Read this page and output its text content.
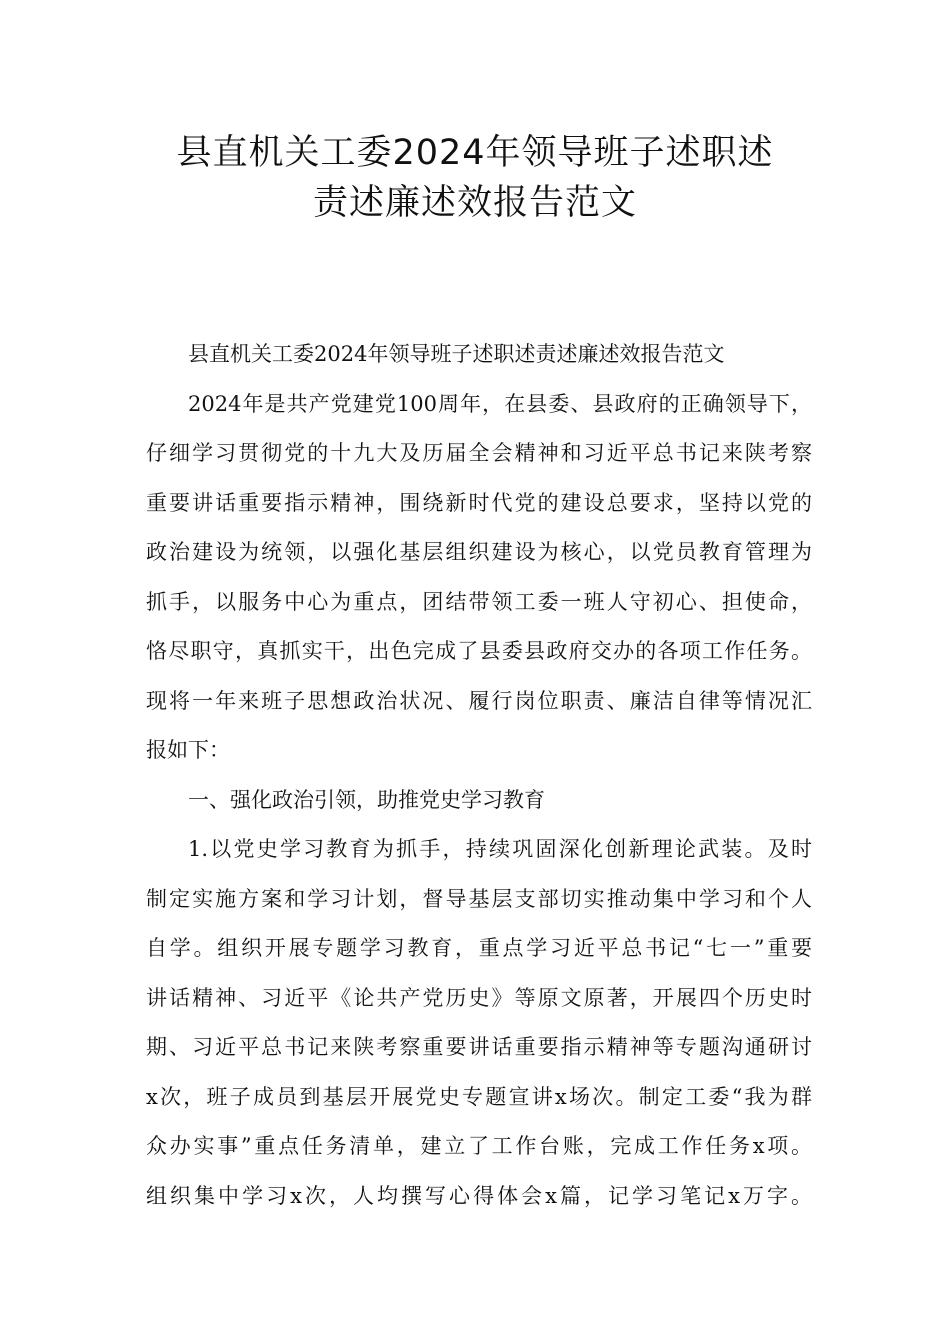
县直机关工委2024年领导班子述职述
责述廉述效报告范文
县直机关工委2024年领导班子述职述责述廉述效报告范文
2024年是共产党建党100周年，在县委、县政府的正确领导下，
仔细学习贯彻党的十九大及历届全会精神和习近平总书记来陕考察
重要讲话重要指示精神，围绕新时代党的建设总要求，坚持以党的
政治建设为统领，以强化基层组织建设为核心，以党员教育管理为
抓手，以服务中心为重点，团结带领工委一班人守初心、担使命，
恪尽职守，真抓实干，出色完成了县委县政府交办的各项工作任务。
现将一年来班子思想政治状况、履行岗位职责、廉洁自律等情况汇
报如下：
一、强化政治引领，助推党史学习教育
1.以党史学习教育为抓手，持续巩固深化创新理论武装。及时
制定实施方案和学习计划，督导基层支部切实推动集中学习和个人
自学。组织开展专题学习教育，重点学习近平总书记“七一”重要
讲话精神、习近平《论共产党历史》等原文原著，开展四个历史时
期、习近平总书记来陕考察重要讲话重要指示精神等专题沟通研讨
x次，班子成员到基层开展党史专题宣讲x场次。制定工委“我为群
众办实事”重点任务清单，建立了工作台账，完成工作任务x项。
组织集中学习x次，人均撰写心得体会x篇，记学习笔记x万字。
